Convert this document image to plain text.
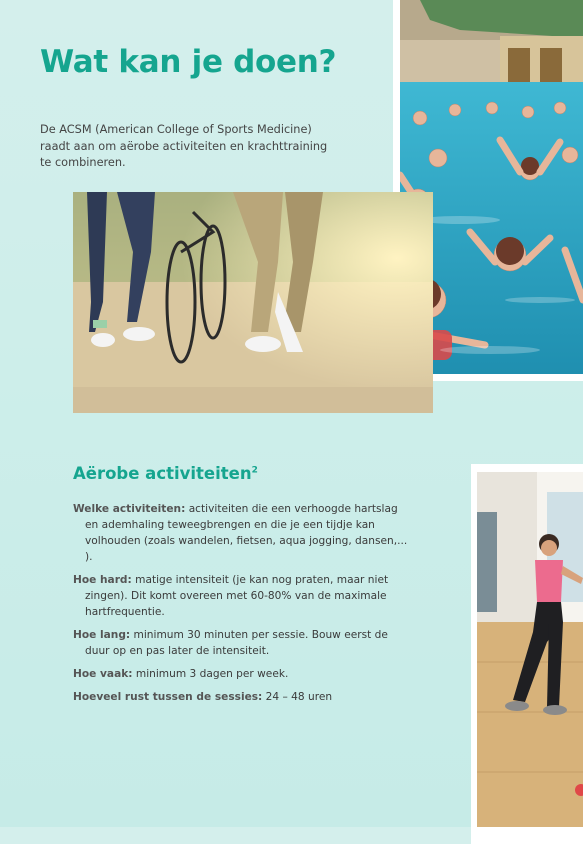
Wat kan je doen?

De ACSM (American College of Sports Medicine) raadt aan om aërobe activiteiten en krachttraining te combineren.

Aërobe activiteiten$^2$

Welke activiteiten: activiteiten die een verhoogde hartslag en ademhaling teweegbrengen en die je een tijdje kan volhouden (zoals wandelen, fietsen, aqua jogging, dansen,... ).

Hoe hard: matige intensiteit (je kan nog praten, maar niet zingen). Dit komt overeen met 60-80% van de maximale hartfrequentie.

Hoe lang: minimum 30 minuten per sessie. Bouw eerst de duur op en pas later de intensiteit.

Hoe vaak: minimum 3 dagen per week.

Hoeveel rust tussen de sessies: 24 – 48 uren
